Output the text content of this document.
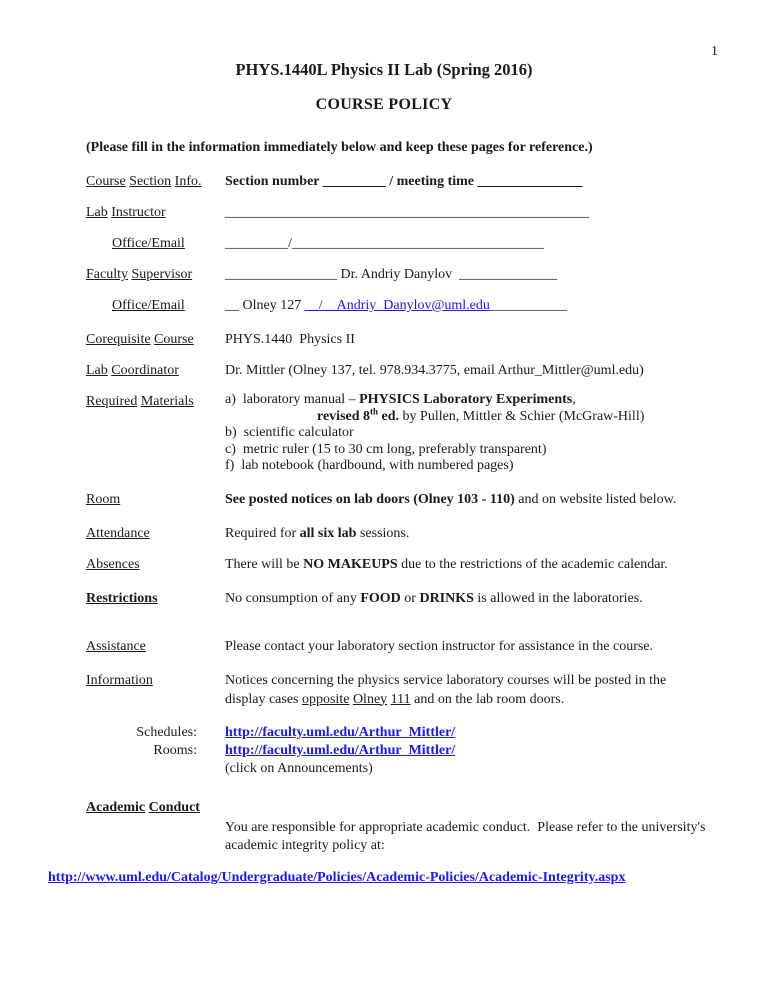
1
PHYS.1440L Physics II Lab (Spring 2016)
COURSE POLICY
(Please fill in the information immediately below and keep these pages for reference.)
Course Section Info.	Section number _________ / meeting time _______________
Lab Instructor	____________________________________________________
Office/Email	_________/____________________________________
Faculty Supervisor	________________ Dr. Andriy Danylov  ______________
Office/Email	__ Olney 127 __/__Andriy_Danylov@uml.edu___________
Corequisite Course	PHYS.1440  Physics II
Lab Coordinator	Dr. Mittler (Olney 137, tel. 978.934.3775, email Arthur_Mittler@uml.edu)
Required Materials	a)  laboratory manual – PHYSICS Laboratory Experiments,
revised 8th ed. by Pullen, Mittler & Schier (McGraw-Hill)
b)  scientific calculator
c)  metric ruler (15 to 30 cm long, preferably transparent)
f)  lab notebook (hardbound, with numbered pages)
Room	See posted notices on lab doors (Olney 103 - 110) and on website listed below.
Attendance	Required for all six lab sessions.
Absences	There will be NO MAKEUPS due to the restrictions of the academic calendar.
Restrictions	No consumption of any FOOD or DRINKS is allowed in the laboratories.
Assistance	Please contact your laboratory section instructor for assistance in the course.
Information	Notices concerning the physics service laboratory courses will be posted in the
display cases opposite Olney 111 and on the lab room doors.
Schedules:	http://faculty.uml.edu/Arthur_Mittler/
Rooms:	http://faculty.uml.edu/Arthur_Mittler/
(click on Announcements)
Academic Conduct
You are responsible for appropriate academic conduct.  Please refer to the university's
academic integrity policy at:
http://www.uml.edu/Catalog/Undergraduate/Policies/Academic-Policies/Academic-Integrity.aspx
